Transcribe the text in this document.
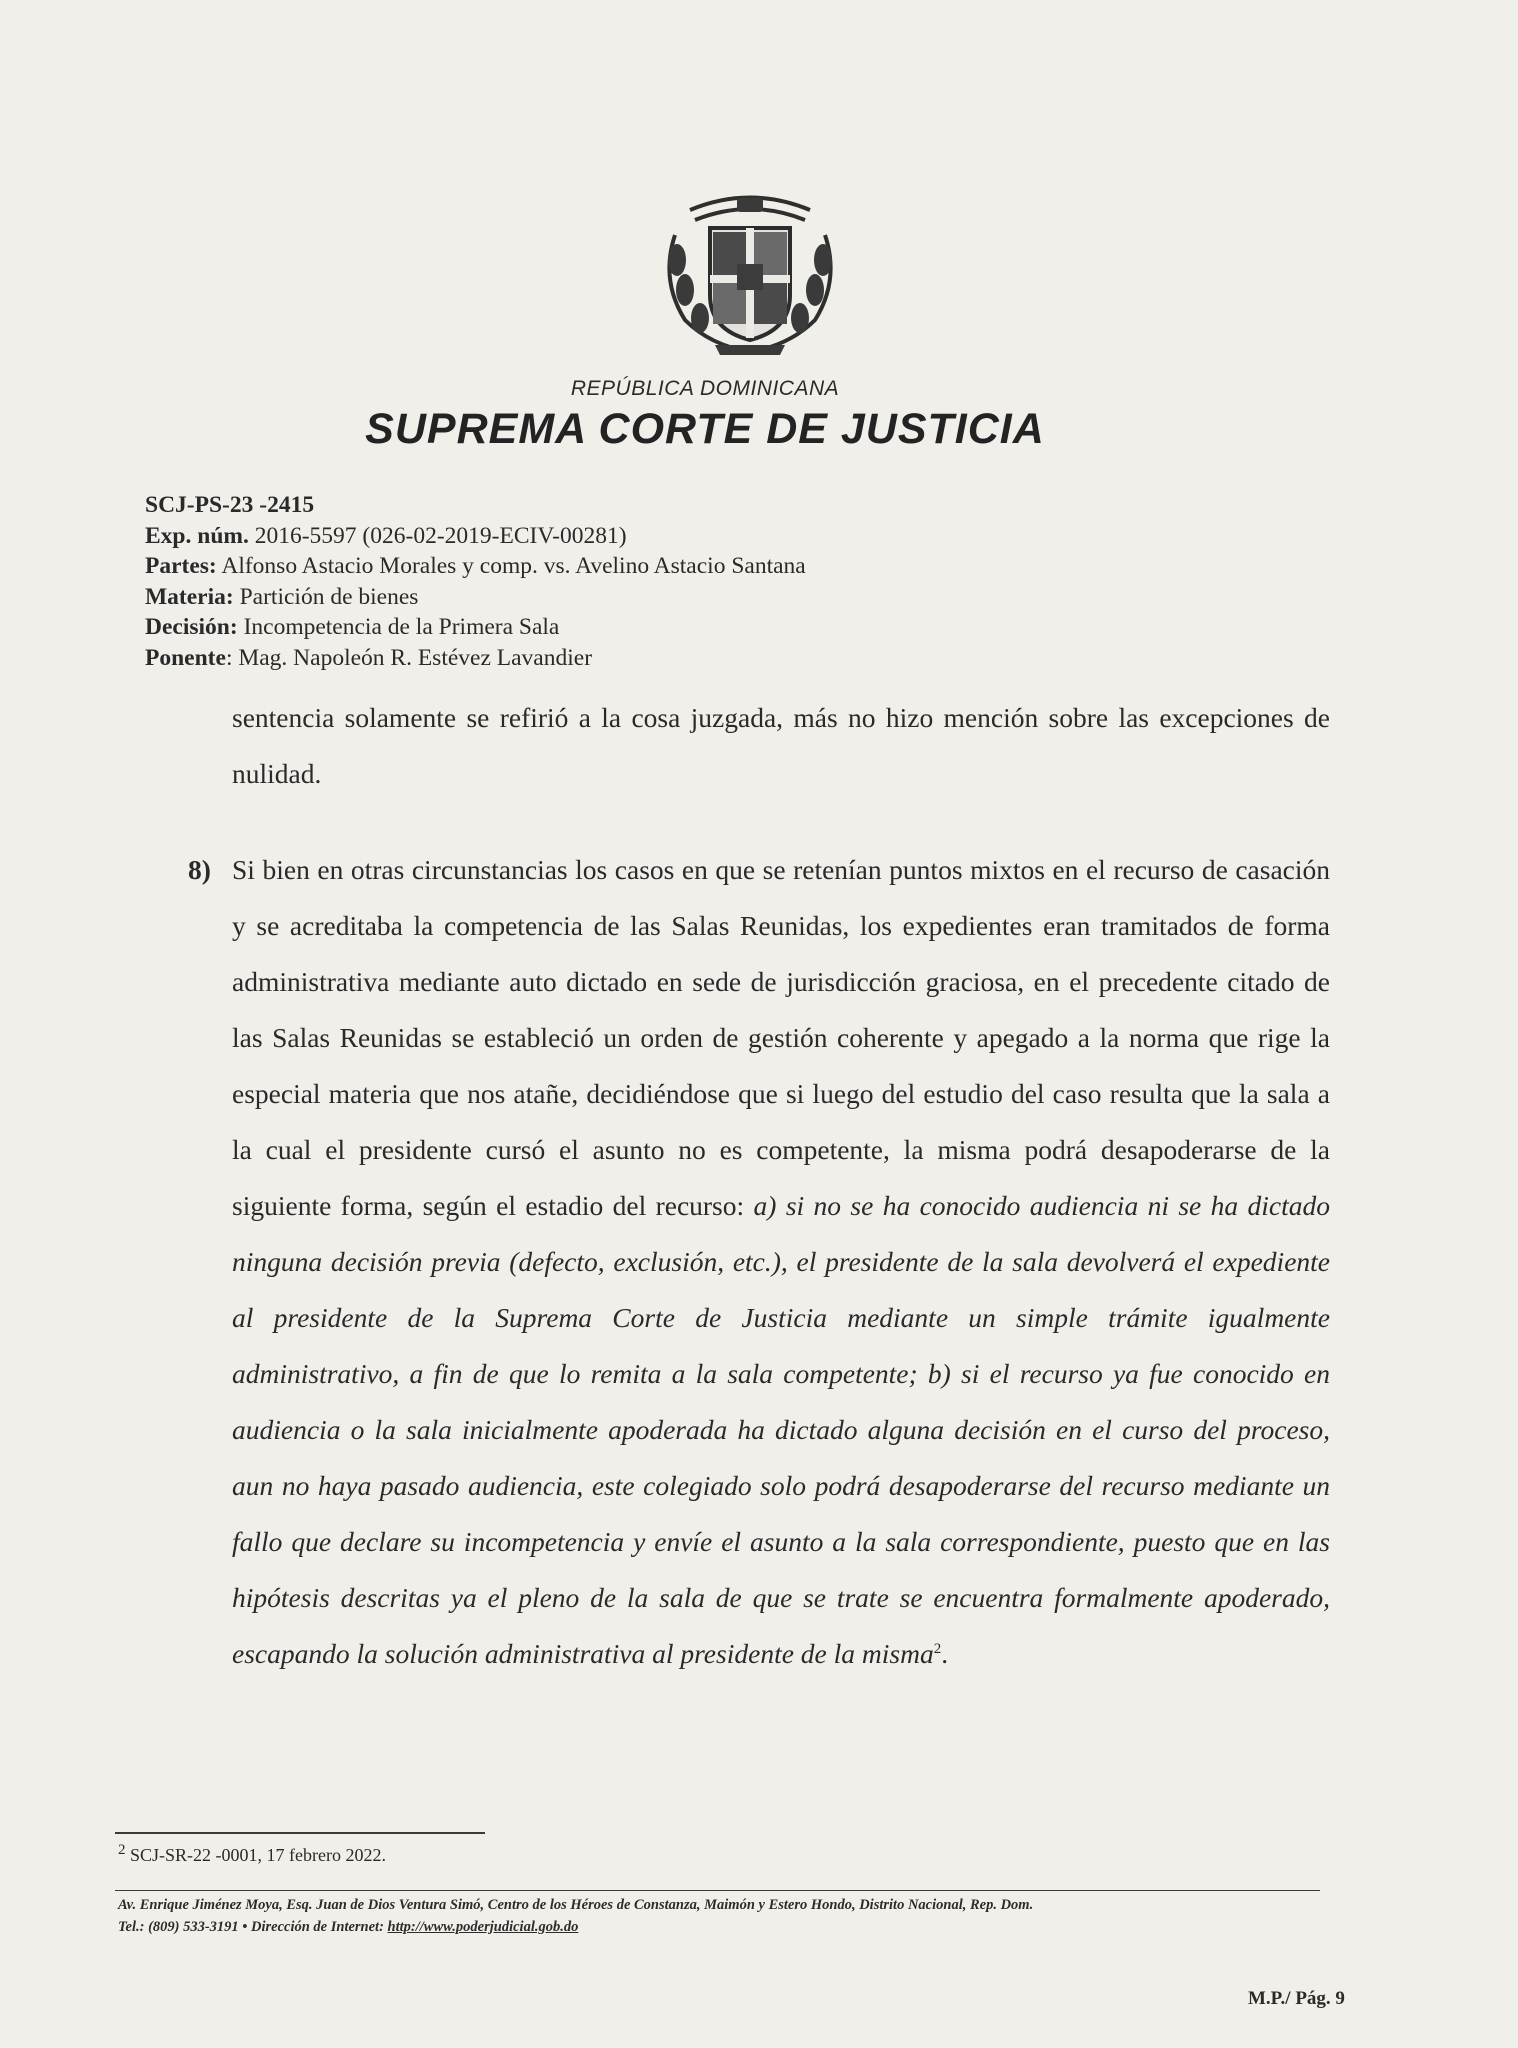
REPÚBLICA DOMINICANA
SUPREMA CORTE DE JUSTICIA
SCJ-PS-23 -2415
Exp. núm. 2016-5597 (026-02-2019-ECIV-00281)
Partes: Alfonso Astacio Morales y comp. vs. Avelino Astacio Santana
Materia: Partición de bienes
Decisión: Incompetencia de la Primera Sala
Ponente: Mag. Napoleón R. Estévez Lavandier
sentencia solamente se refirió a la cosa juzgada, más no hizo mención sobre las excepciones de nulidad.
8) Si bien en otras circunstancias los casos en que se retenían puntos mixtos en el recurso de casación y se acreditaba la competencia de las Salas Reunidas, los expedientes eran tramitados de forma administrativa mediante auto dictado en sede de jurisdicción graciosa, en el precedente citado de las Salas Reunidas se estableció un orden de gestión coherente y apegado a la norma que rige la especial materia que nos atañe, decidiéndose que si luego del estudio del caso resulta que la sala a la cual el presidente cursó el asunto no es competente, la misma podrá desapoderarse de la siguiente forma, según el estadio del recurso: a) si no se ha conocido audiencia ni se ha dictado ninguna decisión previa (defecto, exclusión, etc.), el presidente de la sala devolverá el expediente al presidente de la Suprema Corte de Justicia mediante un simple trámite igualmente administrativo, a fin de que lo remita a la sala competente; b) si el recurso ya fue conocido en audiencia o la sala inicialmente apoderada ha dictado alguna decisión en el curso del proceso, aun no haya pasado audiencia, este colegiado solo podrá desapoderarse del recurso mediante un fallo que declare su incompetencia y envíe el asunto a la sala correspondiente, puesto que en las hipótesis descritas ya el pleno de la sala de que se trate se encuentra formalmente apoderado, escapando la solución administrativa al presidente de la misma$^2$.
$^2$ SCJ-SR-22 -0001, 17 febrero 2022.
Av. Enrique Jiménez Moya, Esq. Juan de Dios Ventura Simó, Centro de los Héroes de Constanza, Maimón y Estero Hondo, Distrito Nacional, Rep. Dom.
Tel.: (809) 533-3191 • Dirección de Internet: http://www.poderjudicial.gob.do
M.P./ Pág. 9
